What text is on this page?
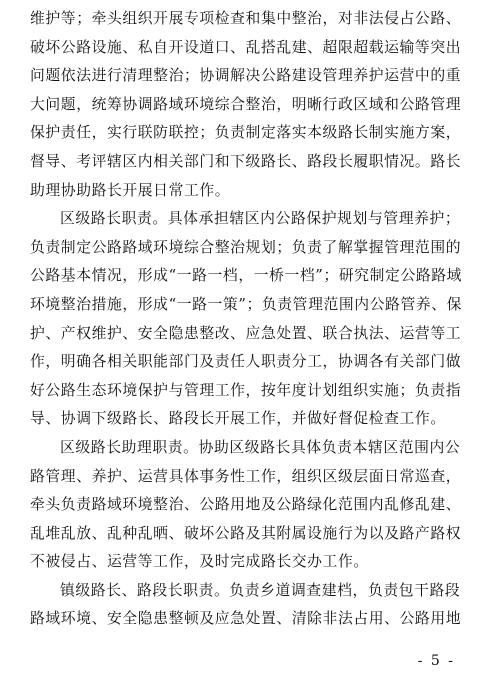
维护等；牵头组织开展专项检查和集中整治，对非法侵占公路、
破坏公路设施、私自开设道口、乱搭乱建、超限超载运输等突出
问题依法进行清理整治；协调解决公路建设管理养护运营中的重
大问题，统筹协调路域环境综合整治，明晰行政区域和公路管理
保护责任，实行联防联控；负责制定落实本级路长制实施方案，
督导、考评辖区内相关部门和下级路长、路段长履职情况。路长
助理协助路长开展日常工作。
区级路长职责。具体承担辖区内公路保护规划与管理养护；
负责制定公路路域环境综合整治规划；负责了解掌握管理范围的
公路基本情况，形成“一路一档，一桥一档”；研究制定公路路域
环境整治措施，形成“一路一策”；负责管理范围内公路管养、保
护、产权维护、安全隐患整改、应急处置、联合执法、运营等工
作，明确各相关职能部门及责任人职责分工，协调各有关部门做
好公路生态环境保护与管理工作，按年度计划组织实施；负责指
导、协调下级路长、路段长开展工作，并做好督促检查工作。
区级路长助理职责。协助区级路长具体负责本辖区范围内公
路管理、养护、运营具体事务性工作，组织区级层面日常巡查，
牵头负责路域环境整治、公路用地及公路绿化范围内乱修乱建、
乱堆乱放、乱种乱晒、破坏公路及其附属设施行为以及路产路权
不被侵占、运营等工作，及时完成路长交办工作。
镇级路长、路段长职责。负责乡道调查建档，负责包干路段
路域环境、安全隐患整顿及应急处置、清除非法占用、公路用地
- 5 -
